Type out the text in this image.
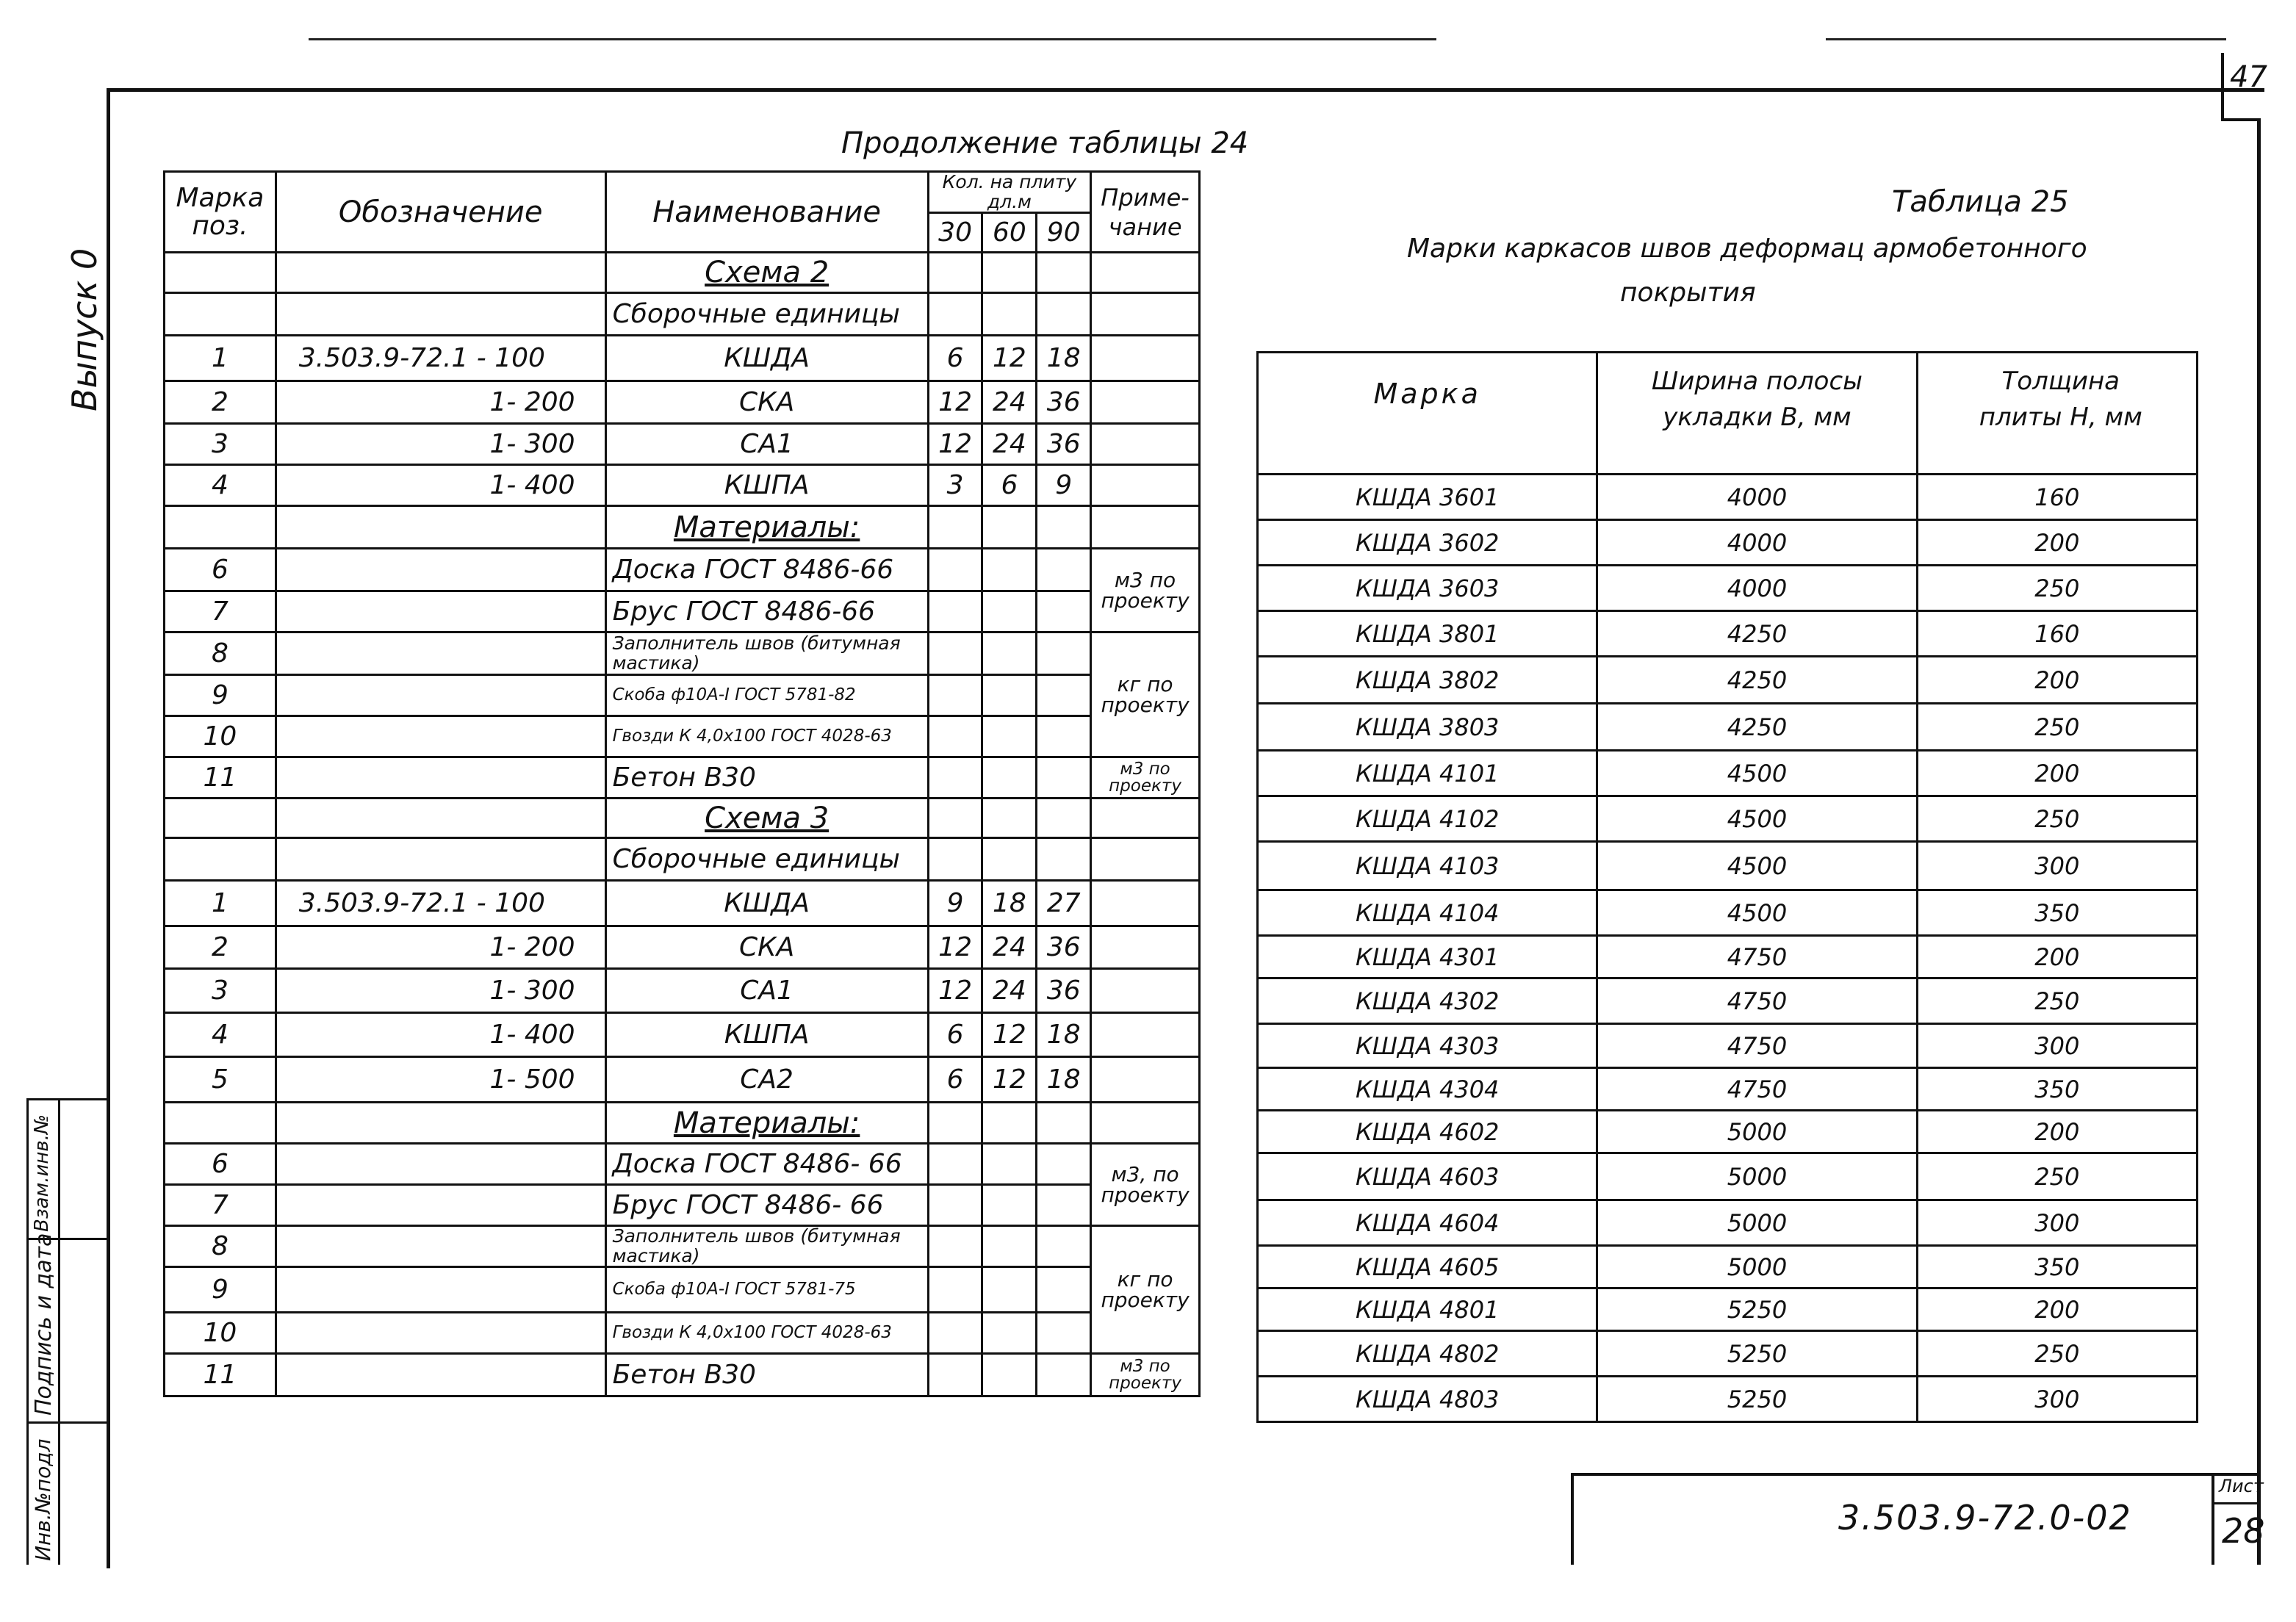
47
Выпуск 0
Взам.инв.№
Подпись и дата
Инв.№подл
Продолжение таблицы 24
Марка поз.	Обозначение	Наименование	Кол. на плиту дл.м			Приме- чание
			30	60	90	
		Схема 2				
		Сборочные единицы				
1	3.503.9-72.1 - 100	КШДА	6	12	18	
2	1- 200	СКА	12	24	36	
3	1- 300	СА1	12	24	36	
4	1- 400	КШПА	3	6	9	
		Материалы:				
6		Доска ГОСТ 8486-66				м3 по проекту
7		Брус ГОСТ 8486-66				
8		Заполнитель швов (битумная мастика)				кг по проекту
9		Скоба ф10А-I ГОСТ 5781-82				
10		Гвозди К 4,0х100 ГОСТ 4028-63				
11		Бетон В30				м3 по проекту
		Схема 3				
		Сборочные единицы				
1	3.503.9-72.1 - 100	КШДА	9	18	27	
2	1- 200	СКА	12	24	36	
3	1- 300	СА1	12	24	36	
4	1- 400	КШПА	6	12	18	
5	1- 500	СА2	6	12	18	
		Материалы:				
6		Доска ГОСТ 8486- 66				м3, по проекту
7		Брус ГОСТ 8486- 66				
8		Заполнитель швов (битумная мастика)				кг по проекту
9		Скоба ф10А-I ГОСТ 5781-75				
10		Гвозди К 4,0х100 ГОСТ 4028-63				
11		Бетон В30				м3 по проекту
Таблица 25
Марки каркасов швов деформац армобетонного
покрытия
Марка	Ширина полосы укладки В, мм	Толщина плиты Н, мм
КШДА 3601	4000	160
КШДА 3602	4000	200
КШДА 3603	4000	250
КШДА 3801	4250	160
КШДА 3802	4250	200
КШДА 3803	4250	250
КШДА 4101	4500	200
КШДА 4102	4500	250
КШДА 4103	4500	300
КШДА 4104	4500	350
КШДА 4301	4750	200
КШДА 4302	4750	250
КШДА 4303	4750	300
КШДА 4304	4750	350
КШДА 4602	5000	200
КШДА 4603	5000	250
КШДА 4604	5000	300
КШДА 4605	5000	350
КШДА 4801	5250	200
КШДА 4802	5250	250
КШДА 4803	5250	300
3.503.9-72.0-02
Лист
28
